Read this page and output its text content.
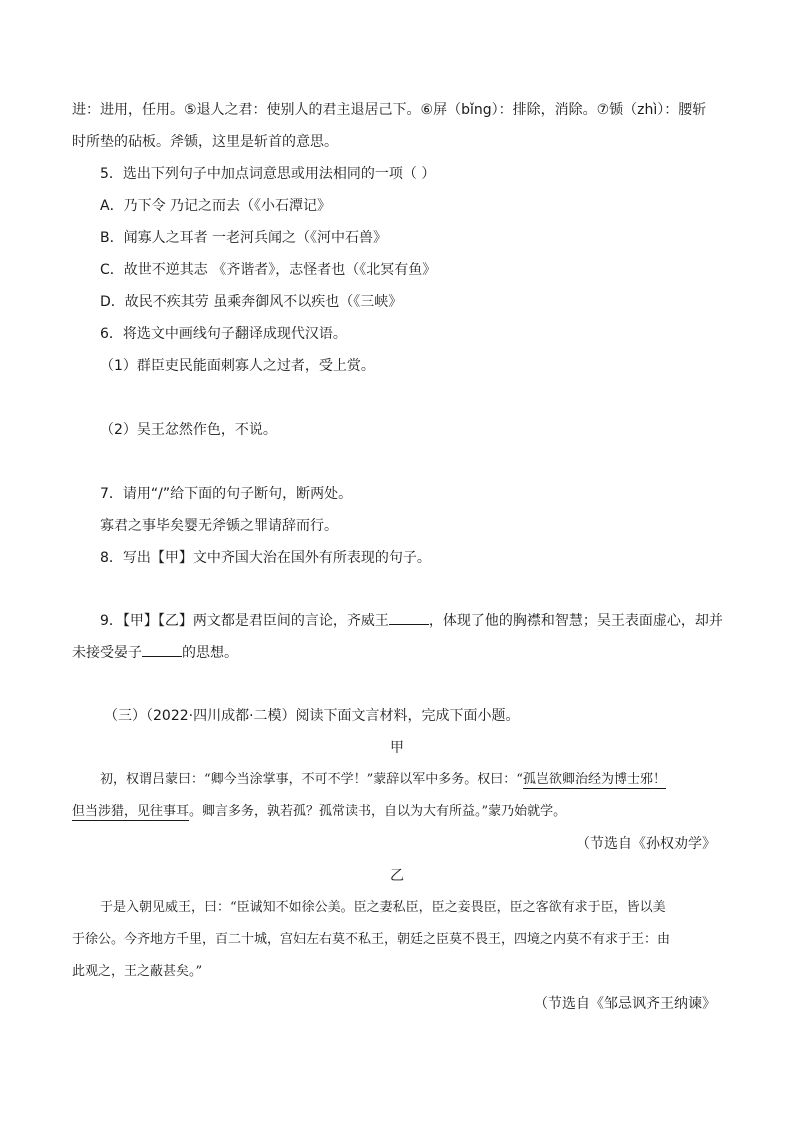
进：进用，任用。⑤退人之君：使别人的君主退居己下。⑥屏（bǐng）：排除，消除。⑦锧（zhì）：腰斩
时所垫的砧板。斧锧，这里是斩首的意思。
5．选出下列句子中加点词意思或用法相同的一项（ ）
A．乃下令 乃记之而去（《小石潭记》
B．闻寡人之耳者 一老河兵闻之（《河中石兽》
C．故世不逆其志 《齐谐者》，志怪者也（《北冥有鱼》
D．故民不疾其劳 虽乘奔御风不以疾也（《三峡》
6．将选文中画线句子翻译成现代汉语。
（1）群臣吏民能面刺寡人之过者，受上赏。
（2）吴王忿然作色，不说。
7．请用“/”给下面的句子断句，断两处。
寡君之事毕矣婴无斧锧之罪请辞而行。
8．写出【甲】文中齐国大治在国外有所表现的句子。
9．【甲】【乙】两文都是君臣间的言论，齐威王	，体现了他的胸襟和智慧；吴王表面虚心，却并
未接受晏子	的思想。
（三）（2022·四川成都·二模）阅读下面文言材料，完成下面小题。
甲
初，权谓吕蒙曰：“卿今当涂掌事，不可不学！”蒙辞以军中多务。权曰：“孤岂欲卿治经为博士邪！
但当涉猎，见往事耳。卿言多务，孰若孤？孤常读书，自以为大有所益。”蒙乃始就学。
（节选自《孙权劝学》
乙
于是入朝见威王，曰：“臣诚知不如徐公美。臣之妻私臣，臣之妾畏臣，臣之客欲有求于臣，皆以美
于徐公。今齐地方千里，百二十城，宫妇左右莫不私王，朝廷之臣莫不畏王，四境之内莫不有求于王：由
此观之，王之蔽甚矣。”
（节选自《邹忌讽齐王纳谏》
